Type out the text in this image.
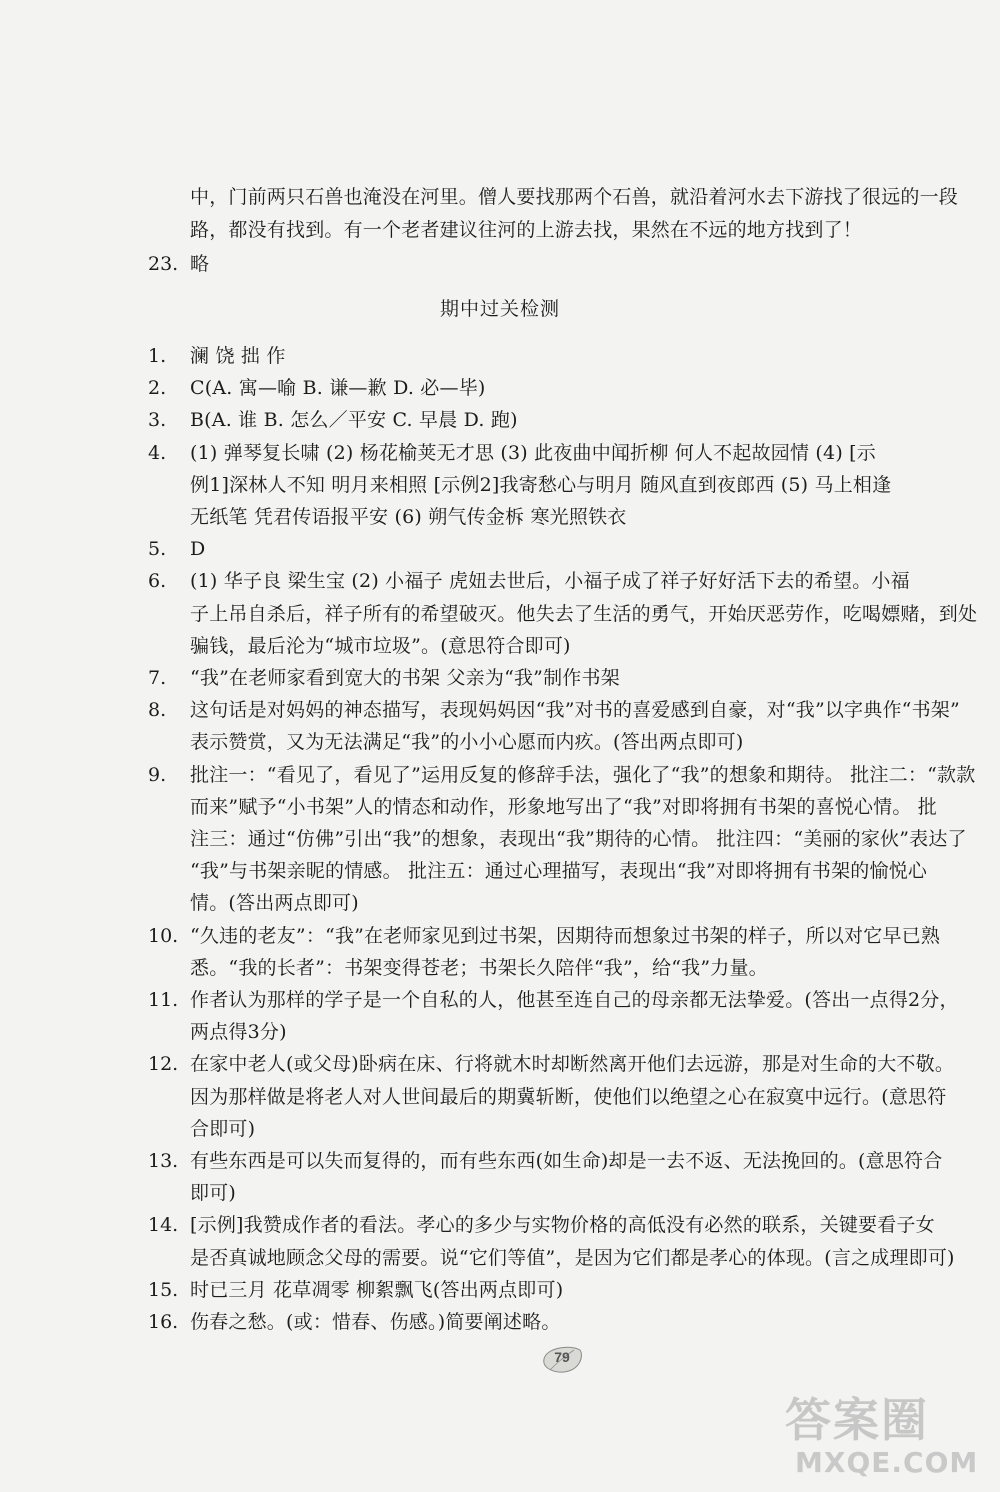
中，门前两只石兽也淹没在河里。僧人要找那两个石兽，就沿着河水去下游找了很远的一段
路，都没有找到。有一个老者建议往河的上游去找，果然在不远的地方找到了！
23. 略
期中过关检测
1. 澜 饶 拙 作
2. C(A. 寓—喻 B. 谦—歉 D. 必—毕)
3. B(A. 谁 B. 怎么／平安 C. 早晨 D. 跑)
4. (1) 弹琴复长啸 (2) 杨花榆荚无才思 (3) 此夜曲中闻折柳 何人不起故园情 (4) [示
例1]深林人不知 明月来相照 [示例2]我寄愁心与明月 随风直到夜郎西 (5) 马上相逢
无纸笔 凭君传语报平安 (6) 朔气传金柝 寒光照铁衣
5. D
6. (1) 华子良 梁生宝 (2) 小福子 虎妞去世后，小福子成了祥子好好活下去的希望。小福
子上吊自杀后，祥子所有的希望破灭。他失去了生活的勇气，开始厌恶劳作，吃喝嫖赌，到处
骗钱，最后沦为“城市垃圾”。(意思符合即可)
7. “我”在老师家看到宽大的书架 父亲为“我”制作书架
8. 这句话是对妈妈的神态描写，表现妈妈因“我”对书的喜爱感到自豪，对“我”以字典作“书架”
表示赞赏，又为无法满足“我”的小小心愿而内疚。(答出两点即可)
9. 批注一：“看见了，看见了”运用反复的修辞手法，强化了“我”的想象和期待。 批注二：“款款
而来”赋予“小书架”人的情态和动作，形象地写出了“我”对即将拥有书架的喜悦心情。 批
注三：通过“仿佛”引出“我”的想象，表现出“我”期待的心情。 批注四：“美丽的家伙”表达了
“我”与书架亲昵的情感。 批注五：通过心理描写，表现出“我”对即将拥有书架的愉悦心
情。(答出两点即可)
10. “久违的老友”：“我”在老师家见到过书架，因期待而想象过书架的样子，所以对它早已熟
悉。“我的长者”：书架变得苍老；书架长久陪伴“我”，给“我”力量。
11. 作者认为那样的学子是一个自私的人，他甚至连自己的母亲都无法挚爱。(答出一点得2分，
两点得3分)
12. 在家中老人(或父母)卧病在床、行将就木时却断然离开他们去远游，那是对生命的大不敬。
因为那样做是将老人对人世间最后的期冀斩断，使他们以绝望之心在寂寞中远行。(意思符
合即可)
13. 有些东西是可以失而复得的，而有些东西(如生命)却是一去不返、无法挽回的。(意思符合
即可)
14. [示例]我赞成作者的看法。孝心的多少与实物价格的高低没有必然的联系，关键要看子女
是否真诚地顾念父母的需要。说“它们等值”，是因为它们都是孝心的体现。(言之成理即可)
15. 时已三月 花草凋零 柳絮飘飞(答出两点即可)
16. 伤春之愁。(或：惜春、伤感。)简要阐述略。
79
答案圈
MXQE.COM
